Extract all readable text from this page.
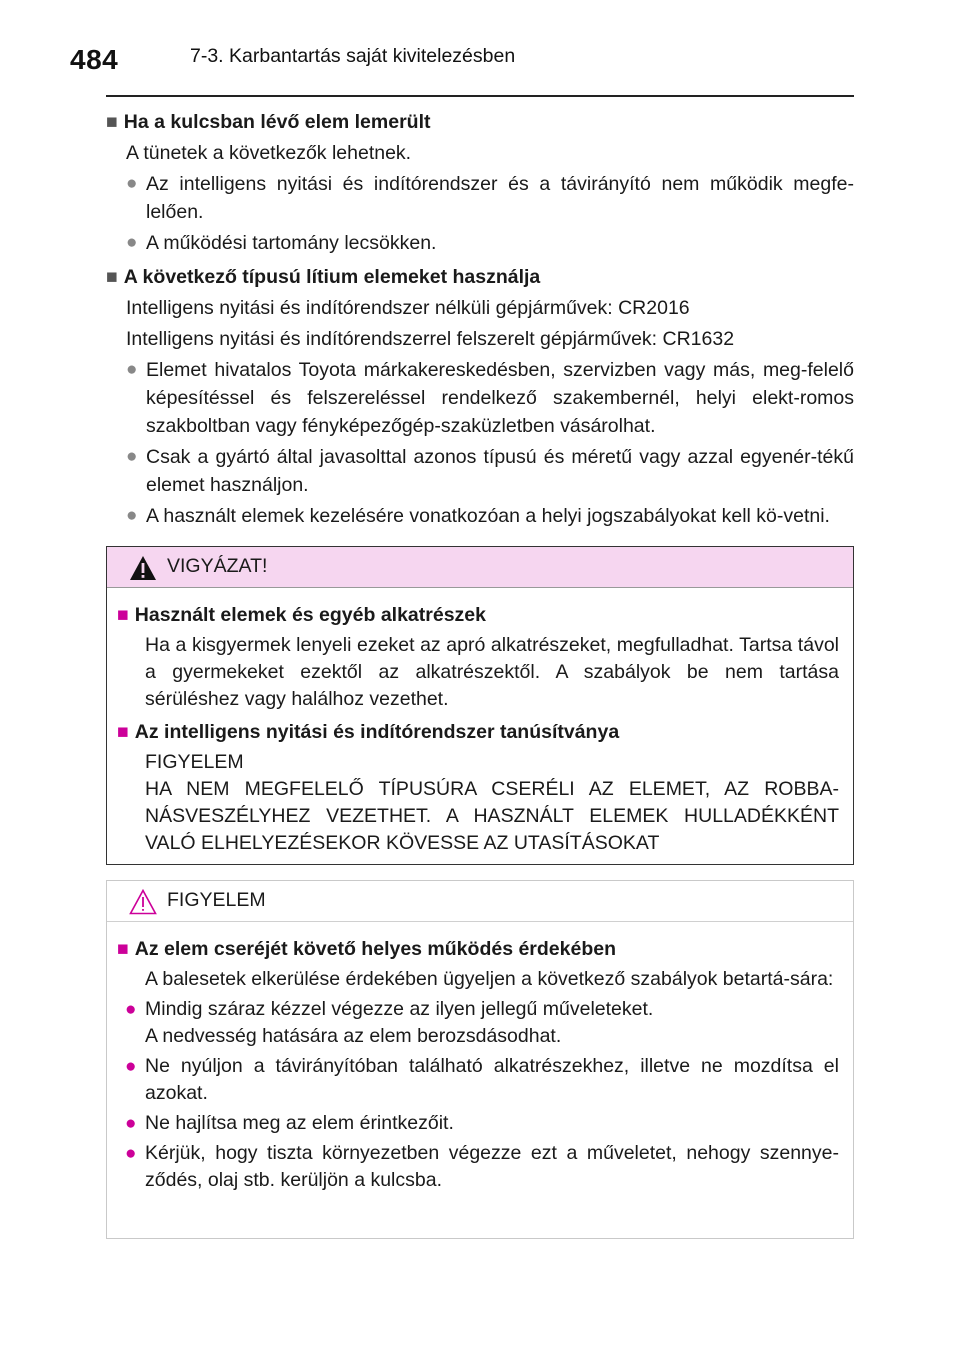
484	7-3. Karbantartás saját kivitelezésben
■ Ha a kulcsban lévő elem lemerült
A tünetek a következők lehetnek.
● Az intelligens nyitási és indítórendszer és a távirányító nem működik megfe-lelően.
● A működési tartomány lecsökken.
■ A következő típusú lítium elemeket használja
Intelligens nyitási és indítórendszer nélküli gépjárművek: CR2016
Intelligens nyitási és indítórendszerrel felszerelt gépjárművek: CR1632
● Elemet hivatalos Toyota márkakereskedésben, szervizben vagy más, meg-felelő képesítéssel és felszereléssel rendelkező szakembernél, helyi elekt-romos szakboltban vagy fényképezőgép-szaküzletben vásárolhat.
● Csak a gyártó által javasolttal azonos típusú és méretű vagy azzal egyenér-tékű elemet használjon.
● A használt elemek kezelésére vonatkozóan a helyi jogszabályokat kell kö-vetni.
VIGYÁZAT!
■ Használt elemek és egyéb alkatrészek
Ha a kisgyermek lenyeli ezeket az apró alkatrészeket, megfulladhat. Tartsa távol a gyermekeket ezektől az alkatrészektől. A szabályok be nem tartása sérüléshez vagy halálhoz vezethet.
■ Az intelligens nyitási és indítórendszer tanúsítványa
FIGYELEM
HA NEM MEGFELELŐ TÍPUSÚRA CSERÉLI AZ ELEMET, AZ ROBBA-NÁSVESZÉLYHEZ VEZETHET. A HASZNÁLT ELEMEK HULLADÉKKÉNT VALÓ ELHELYEZÉSEKOR KÖVESSE AZ UTASÍTÁSOKAT
FIGYELEM
■ Az elem cseréjét követő helyes működés érdekében
A balesetek elkerülése érdekében ügyeljen a következő szabályok betartá-sára:
● Mindig száraz kézzel végezze az ilyen jellegű műveleteket.
A nedvesség hatására az elem berozsdásodhat.
● Ne nyúljon a távirányítóban található alkatrészekhez, illetve ne mozdítsa el azokat.
● Ne hajlítsa meg az elem érintkezőit.
● Kérjük, hogy tiszta környezetben végezze ezt a műveletet, nehogy szennye-ződés, olaj stb. kerüljön a kulcsba.
